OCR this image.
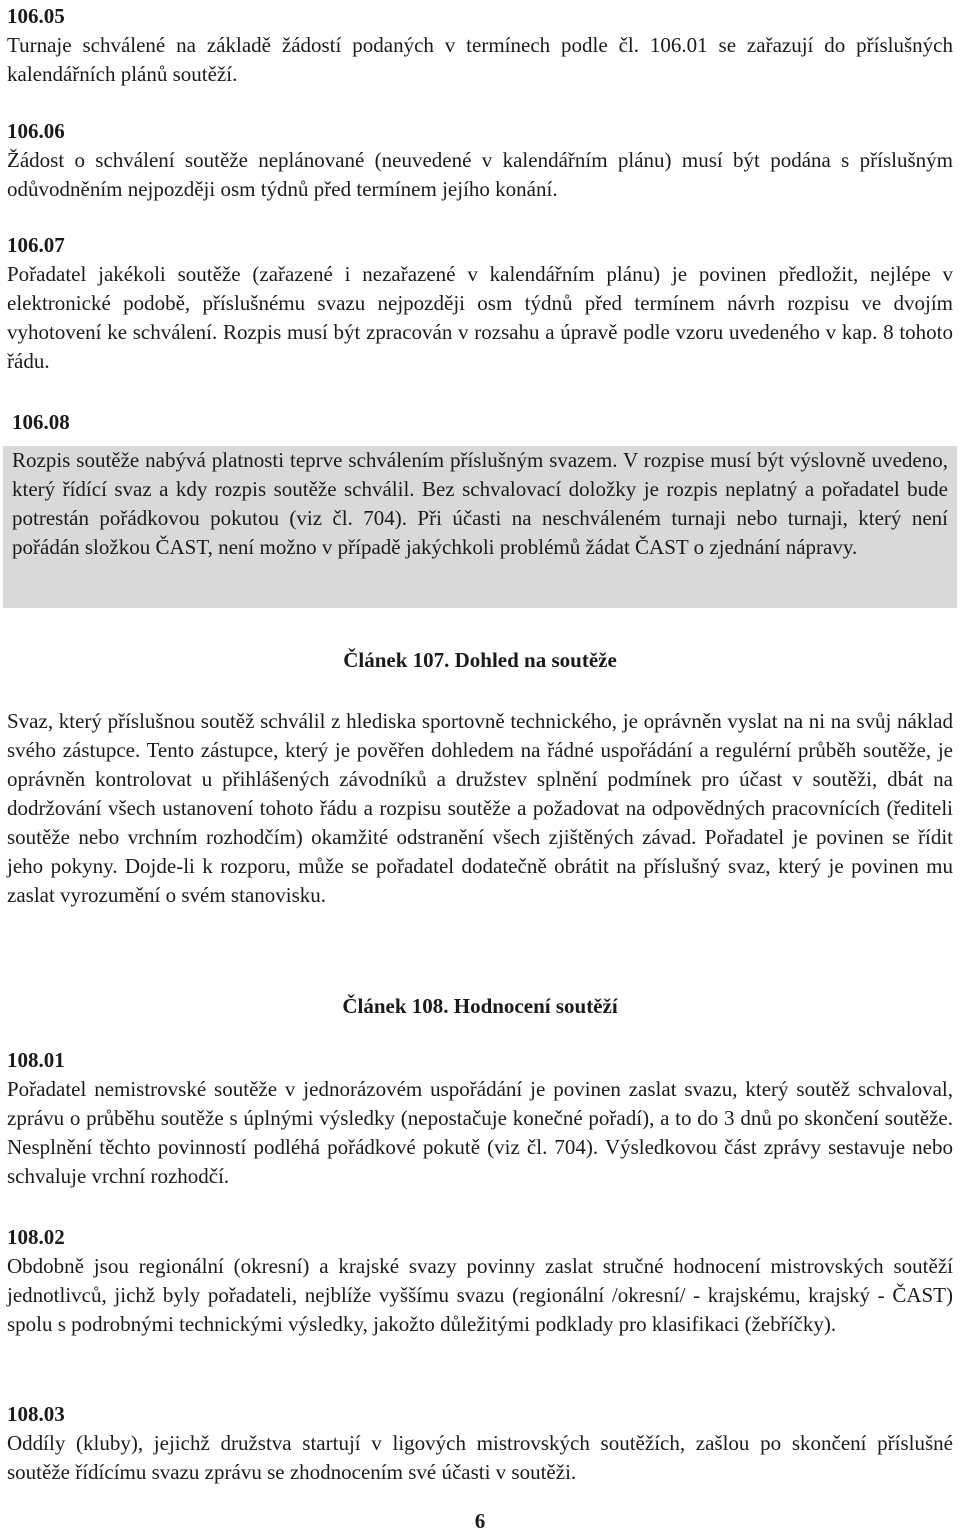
106.05
Turnaje schválené na základě žádostí podaných v termínech podle čl. 106.01 se zařazují do příslušných kalendářních plánů soutěží.
106.06
Žádost o schválení soutěže neplánované (neuvedené v kalendářním plánu) musí být podána s příslušným odůvodněním nejpozději osm týdnů před termínem jejího konání.
106.07
Pořadatel jakékoli soutěže (zařazené i nezařazené v kalendářním plánu) je povinen předložit, nejlépe v elektronické podobě, příslušnému svazu nejpozději osm týdnů před termínem návrh rozpisu ve dvojím vyhotovení ke schválení. Rozpis musí být zpracován v rozsahu a úpravě podle vzoru uvedeného v kap. 8 tohoto řádu.
106.08
Rozpis soutěže nabývá platnosti teprve schválením příslušným svazem. V rozpise musí být výslovně uvedeno, který řídící svaz a kdy rozpis soutěže schválil. Bez schvalovací doložky je rozpis neplatný a pořadatel bude potrestán pořádkovou pokutou (viz čl. 704). Při účasti na neschváleném turnaji nebo turnaji, který není pořádán složkou ČAST, není možno v případě jakýchkoli problémů žádat ČAST o zjednání nápravy.
Článek 107. Dohled na soutěže
Svaz, který příslušnou soutěž schválil z hlediska sportovně technického, je oprávněn vyslat na ni na svůj náklad svého zástupce. Tento zástupce, který je pověřen dohledem na řádné uspořádání a regulérní průběh soutěže, je oprávněn kontrolovat u přihlášených závodníků a družstev splnění podmínek pro účast v soutěži, dbát na dodržování všech ustanovení tohoto řádu a rozpisu soutěže a požadovat na odpovědných pracovnících (řediteli soutěže nebo vrchním rozhodčím) okamžité odstranění všech zjištěných závad. Pořadatel je povinen se řídit jeho pokyny. Dojde-li k rozporu, může se pořadatel dodatečně obrátit na příslušný svaz, který je povinen mu zaslat vyrozumění o svém stanovisku.
Článek 108. Hodnocení soutěží
108.01
Pořadatel nemistrovské soutěže v jednorázovém uspořádání je povinen zaslat svazu, který soutěž schvaloval, zprávu o průběhu soutěže s úplnými výsledky (nepostačuje konečné pořadí), a to do 3 dnů po skončení soutěže. Nesplnění těchto povinností podléhá pořádkové pokutě (viz čl. 704). Výsledkovou část zprávy sestavuje nebo schvaluje vrchní rozhodčí.
108.02
Obdobně jsou regionální (okresní) a krajské svazy povinny zaslat stručné hodnocení mistrovských soutěží jednotlivců, jichž byly pořadateli, nejblíže vyššímu svazu (regionální /okresní/ - krajskému, krajský - ČAST) spolu s podrobnými technickými výsledky, jakožto důležitými podklady pro klasifikaci (žebříčky).
108.03
Oddíly (kluby), jejichž družstva startují v ligových mistrovských soutěžích, zašlou po skončení příslušné soutěže řídícímu svazu zprávu se zhodnocením své účasti v soutěži.
6
